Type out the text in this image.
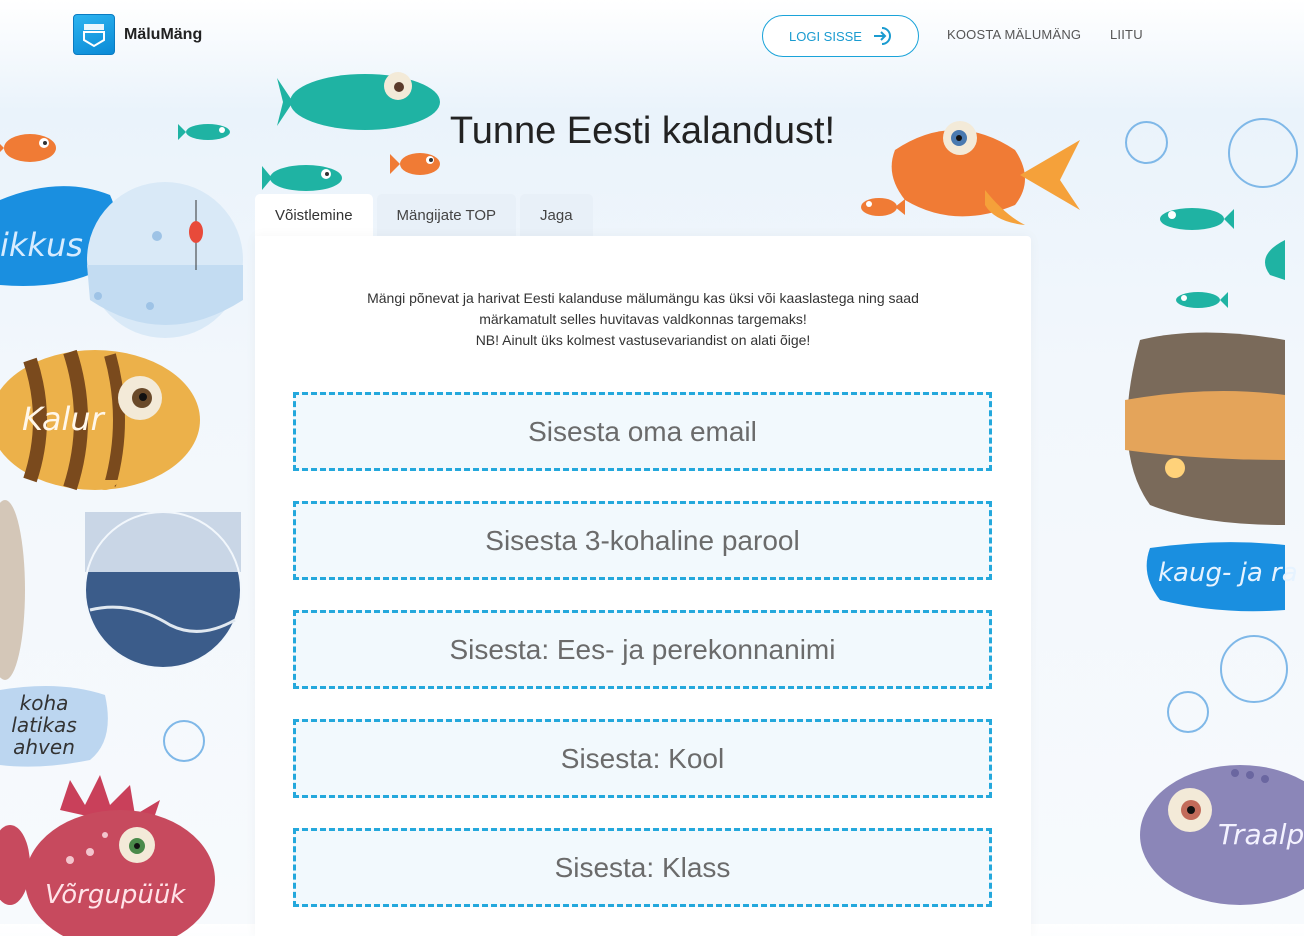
ikkus
Kalur
koha
latikas
ahven
Võrgupüük
kaug- ja ra
Traalp
MäluMäng	LOGI SISSE	KOOSTA MÄLUMÄNG LIITU
Tunne Eesti kalandust!
Võistlemine	Mängijate TOP	Jaga
Mängi põnevat ja harivat Eesti kalanduse mälumängu kas üksi või kaaslastega ning saad
märkamatult selles huvitavas valdkonnas targemaks!
NB! Ainult üks kolmest vastusevariandist on alati õige!
Sisesta oma email
Sisesta: Ees- ja perekonnanimi
Sisesta: Kool
Sisesta: Klass
